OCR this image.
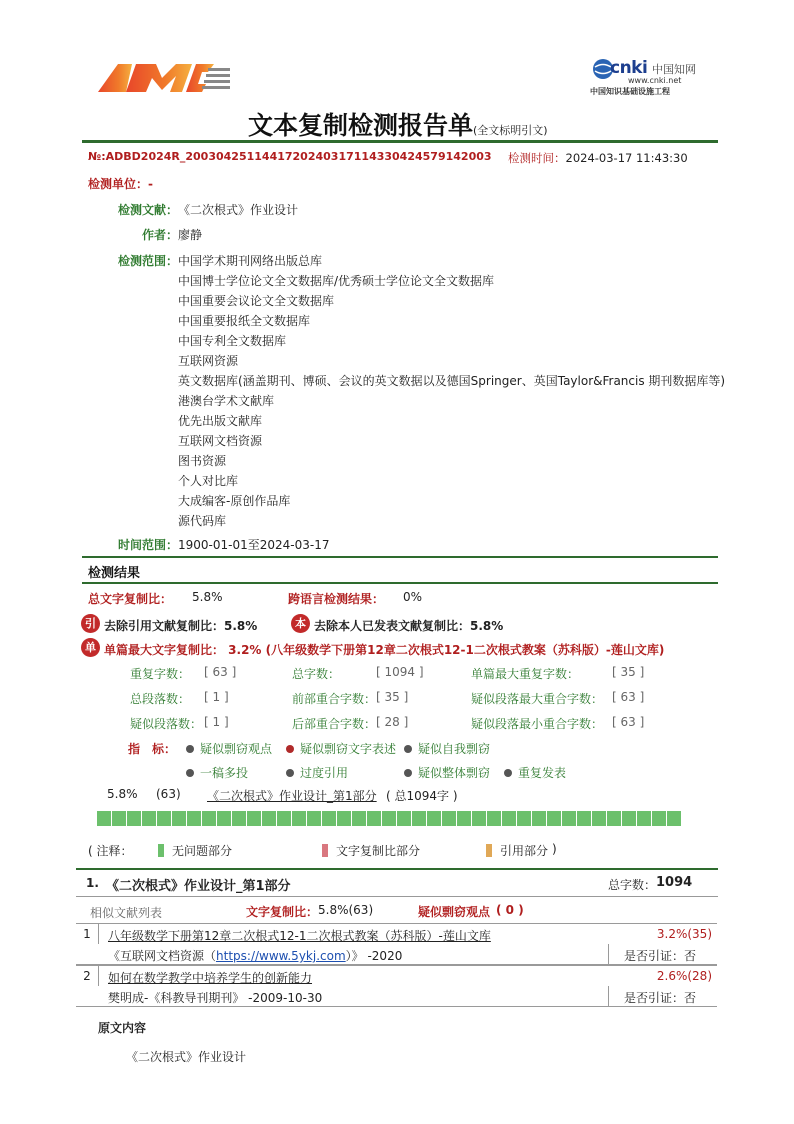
cnki 中国知网
www.cnki.net
中国知识基础设施工程
文本复制检测报告单(全文标明引文)
№:ADBD2024R_2003042511441720240317114330424579142003 检测时间：2024-03-17 11:43:30
检测单位：-
检测文献： 《二次根式》作业设计
作者： 廖静
检测范围： 中国学术期刊网络出版总库
中国博士学位论文全文数据库/优秀硕士学位论文全文数据库
中国重要会议论文全文数据库
中国重要报纸全文数据库
中国专利全文数据库
互联网资源
英文数据库(涵盖期刊、博硕、会议的英文数据以及德国Springer、英国Taylor&Francis 期刊数据库等)
港澳台学术文献库
优先出版文献库
互联网文档资源
图书资源
个人对比库
大成编客-原创作品库
源代码库
时间范围： 1900-01-01至2024-03-17
检测结果
总文字复制比： 5.8%	跨语言检测结果： 0%
引 去除引用文献复制比：5.8%	本 去除本人已发表文献复制比：5.8%
单 单篇最大文字复制比： 3.2% (八年级数学下册第12章二次根式12-1二次根式教案（苏科版）-莲山文库)
重复字数： [ 63 ]	总字数：	[ 1094 ]	单篇最大重复字数：	[ 35 ]
总段落数： [ 1 ]	前部重合字数： [ 35 ]	疑似段落最大重合字数： [ 63 ]
疑似段落数： [ 1 ]	后部重合字数： [ 28 ]	疑似段落最小重合字数： [ 63 ]
指　标：	疑似剽窃观点	疑似剽窃文字表述	疑似自我剽窃
一稿多投	过度引用	疑似整体剽窃	重复发表
5.8% (63) 《二次根式》作业设计_第1部分 ( 总1094字 )
( 注释：	无问题部分	文字复制比部分	引用部分 )
1. 《二次根式》作业设计_第1部分	总字数： 1094
相似文献列表	文字复制比： 5.8%(63)	疑似剽窃观点 ( 0 )
1	八年级数学下册第12章二次根式12-1二次根式教案（苏科版）-莲山文库	3.2%(35)
《互联网文档资源（https://www.5ykj.com）》 -2020	是否引证：否
2	如何在数学教学中培养学生的创新能力	2.6%(28)
樊明成-《科教导刊期刊》 -2009-10-30	是否引证：否
原文内容
《二次根式》作业设计
